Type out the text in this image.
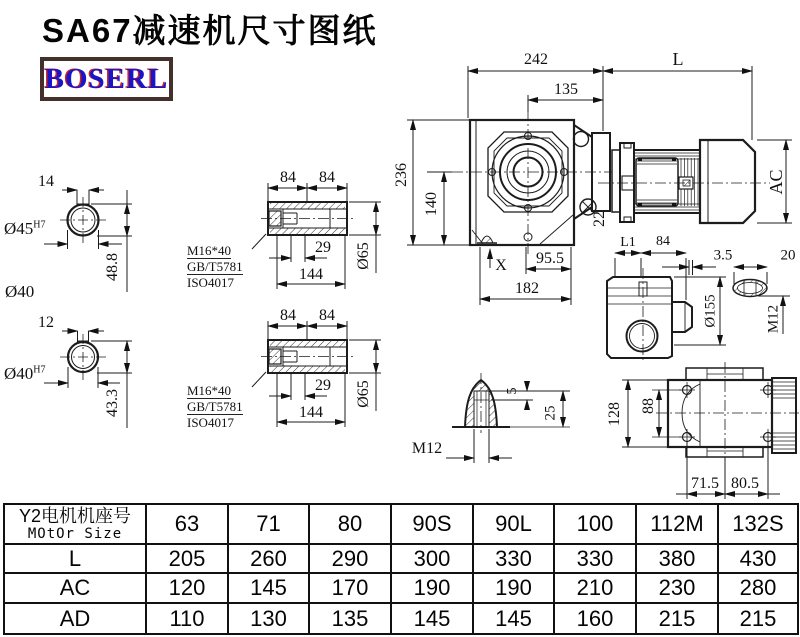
SA67减速机尺寸图纸
BOSERL
242	L
135
236
140
22
95.5
182
X
AC
14
$Ø45^{H7}$
48.8
Ø40
12
$Ø40^{H7}$
43.3
84 84
29
144
Ø65
M16*40
GB/T5781
ISO4017
84 84
29
144
Ø65
M16*40
GB/T5781
ISO4017
L1 84
3.5
Ø155
20
M12
128 88
71.5 80.5
M12
5
25
Y2电机机座号
MOtOr Size	63	71	80	90S	90L	100	112M	132S
L	205	260	290	300	330	330	380	430
AC	120	145	170	190	190	210	230	280
AD	110	130	135	145	145	160	215	215
